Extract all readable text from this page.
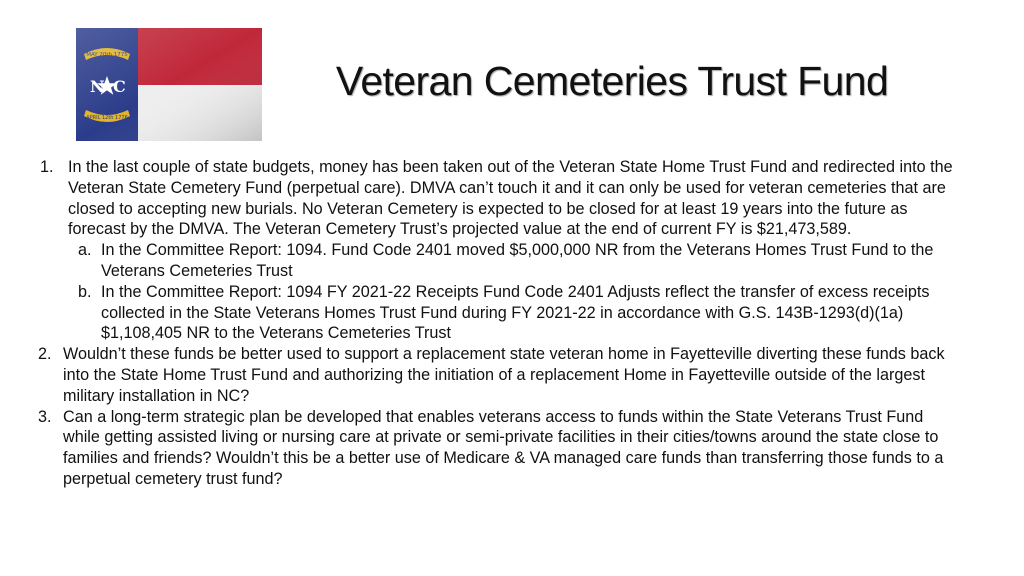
Veteran Cemeteries Trust Fund
1. In the last couple of state budgets, money has been taken out of the Veteran State Home Trust Fund and redirected into the Veteran State Cemetery Fund (perpetual care). DMVA can’t touch it and it can only be used for veteran cemeteries that are closed to accepting new burials. No Veteran Cemetery is expected to be closed for at least 19 years into the future as forecast by the DMVA. The Veteran Cemetery Trust’s projected value at the end of current FY is $21,473,589.
a. In the Committee Report: 1094. Fund Code 2401 moved $5,000,000 NR from the Veterans Homes Trust Fund to the Veterans Cemeteries Trust
b. In the Committee Report: 1094 FY 2021-22 Receipts Fund Code 2401 Adjusts reflect the transfer of excess receipts collected in the State Veterans Homes Trust Fund during FY 2021-22 in accordance with G.S. 143B-1293(d)(1a) $1,108,405 NR to the Veterans Cemeteries Trust
2. Wouldn’t these funds be better used to support a replacement state veteran home in Fayetteville diverting these funds back into the State Home Trust Fund and authorizing the initiation of a replacement Home in Fayetteville outside of the largest military installation in NC?
3. Can a long-term strategic plan be developed that enables veterans access to funds within the State Veterans Trust Fund while getting assisted living or nursing care at private or semi-private facilities in their cities/towns around the state close to families and friends? Wouldn’t this be a better use of Medicare & VA managed care funds than transferring those funds to a perpetual cemetery trust fund?
